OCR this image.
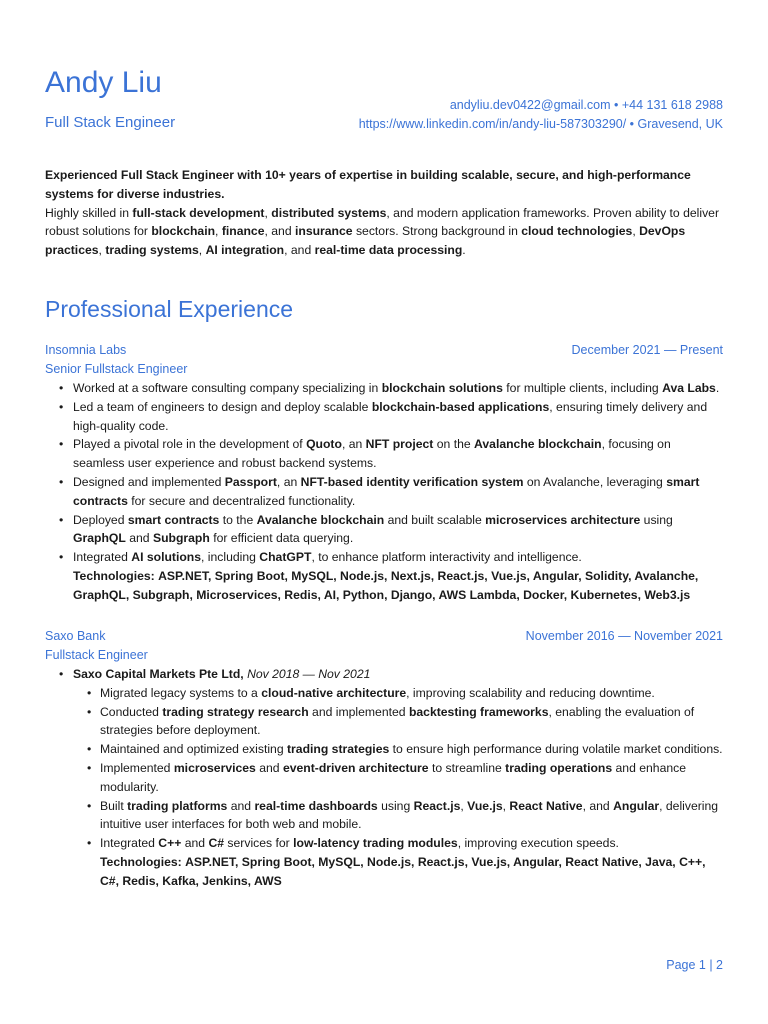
Andy Liu
Full Stack Engineer
andyliu.dev0422@gmail.com • +44 131 618 2988
https://www.linkedin.com/in/andy-liu-587303290/ • Gravesend, UK

Experienced Full Stack Engineer with 10+ years of expertise in building scalable, secure, and high-performance systems for diverse industries.

Highly skilled in full-stack development, distributed systems, and modern application frameworks. Proven ability to deliver robust solutions for blockchain, finance, and insurance sectors. Strong background in cloud technologies, DevOps practices, trading systems, AI integration, and real-time data processing.

Professional Experience
Insomnia Labs
Senior Fullstack Engineer
December 2021 — Present
• Worked at a software consulting company specializing in blockchain solutions for multiple clients, including Ava Labs.
• Led a team of engineers to design and deploy scalable blockchain-based applications, ensuring timely delivery and high-quality code.
• Played a pivotal role in the development of Quoto, an NFT project on the Avalanche blockchain, focusing on seamless user experience and robust backend systems.
• Designed and implemented Passport, an NFT-based identity verification system on Avalanche, leveraging smart contracts for secure and decentralized functionality.
• Deployed smart contracts to the Avalanche blockchain and built scalable microservices architecture using GraphQL and Subgraph for efficient data querying.
• Integrated AI solutions, including ChatGPT, to enhance platform interactivity and intelligence.
Technologies: ASP.NET, Spring Boot, MySQL, Node.js, Next.js, React.js, Vue.js, Angular, Solidity, Avalanche, GraphQL, Subgraph, Microservices, Redis, AI, Python, Django, AWS Lambda, Docker, Kubernetes, Web3.js
Saxo Bank
Fullstack Engineer
November 2016 — November 2021
• Saxo Capital Markets Pte Ltd, Nov 2018 — Nov 2021
• Migrated legacy systems to a cloud-native architecture, improving scalability and reducing downtime.
• Conducted trading strategy research and implemented backtesting frameworks, enabling the evaluation of strategies before deployment.
• Maintained and optimized existing trading strategies to ensure high performance during volatile market conditions.
• Implemented microservices and event-driven architecture to streamline trading operations and enhance modularity.
• Built trading platforms and real-time dashboards using React.js, Vue.js, React Native, and Angular, delivering intuitive user interfaces for both web and mobile.
• Integrated C++ and C# services for low-latency trading modules, improving execution speeds.
Technologies: ASP.NET, Spring Boot, MySQL, Node.js, React.js, Vue.js, Angular, React Native, Java, C++, C#, Redis, Kafka, Jenkins, AWS
Page 1 | 2
